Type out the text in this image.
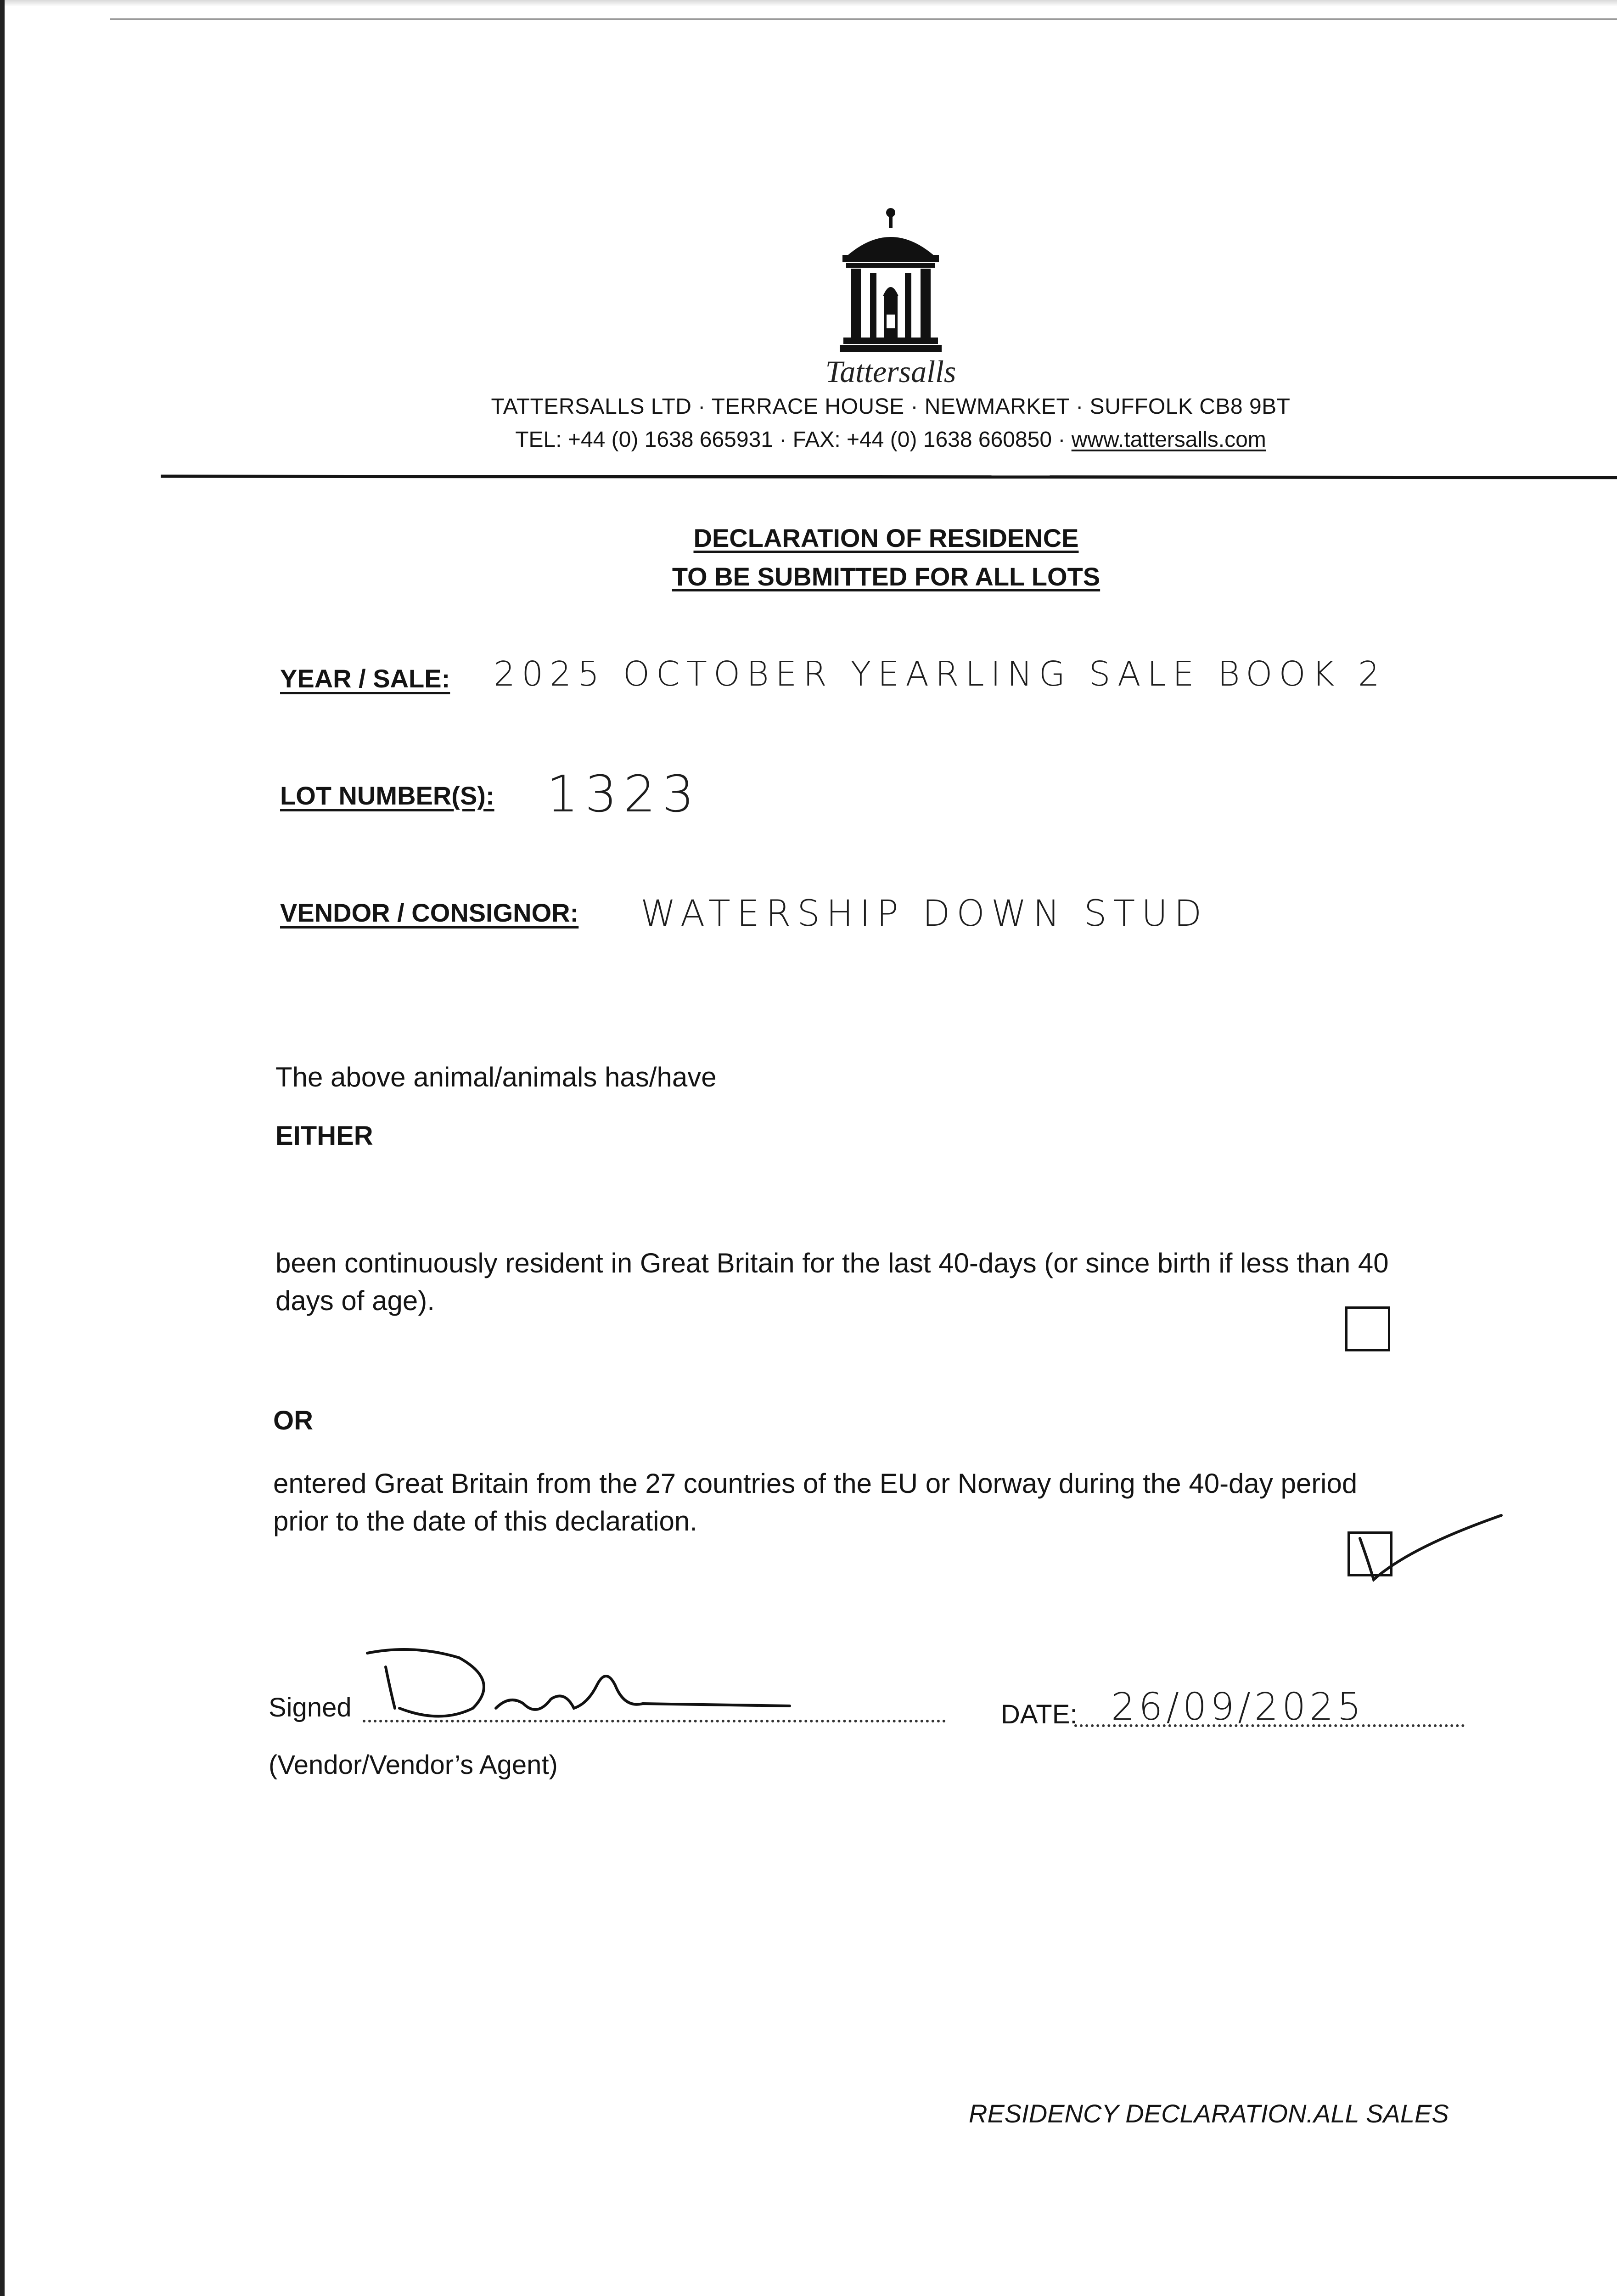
Tattersalls
TATTERSALLS LTD · TERRACE HOUSE · NEWMARKET · SUFFOLK CB8 9BT
TEL: +44 (0) 1638 665931 · FAX: +44 (0) 1638 660850 · www.tattersalls.com
DECLARATION OF RESIDENCE
TO BE SUBMITTED FOR ALL LOTS
YEAR / SALE: 2025 OCTOBER YEARLING SALE BOOK 2
LOT NUMBER(S): 1323
VENDOR / CONSIGNOR: WATERSHIP DOWN STUD
The above animal/animals has/have
EITHER
been continuously resident in Great Britain for the last 40-days (or since birth if less than 40
days of age).
OR
entered Great Britain from the 27 countries of the EU or Norway during the 40-day period
prior to the date of this declaration.
Signed	DATE: 26/09/2025
(Vendor/Vendor’s Agent)
RESIDENCY DECLARATION.ALL SALES
